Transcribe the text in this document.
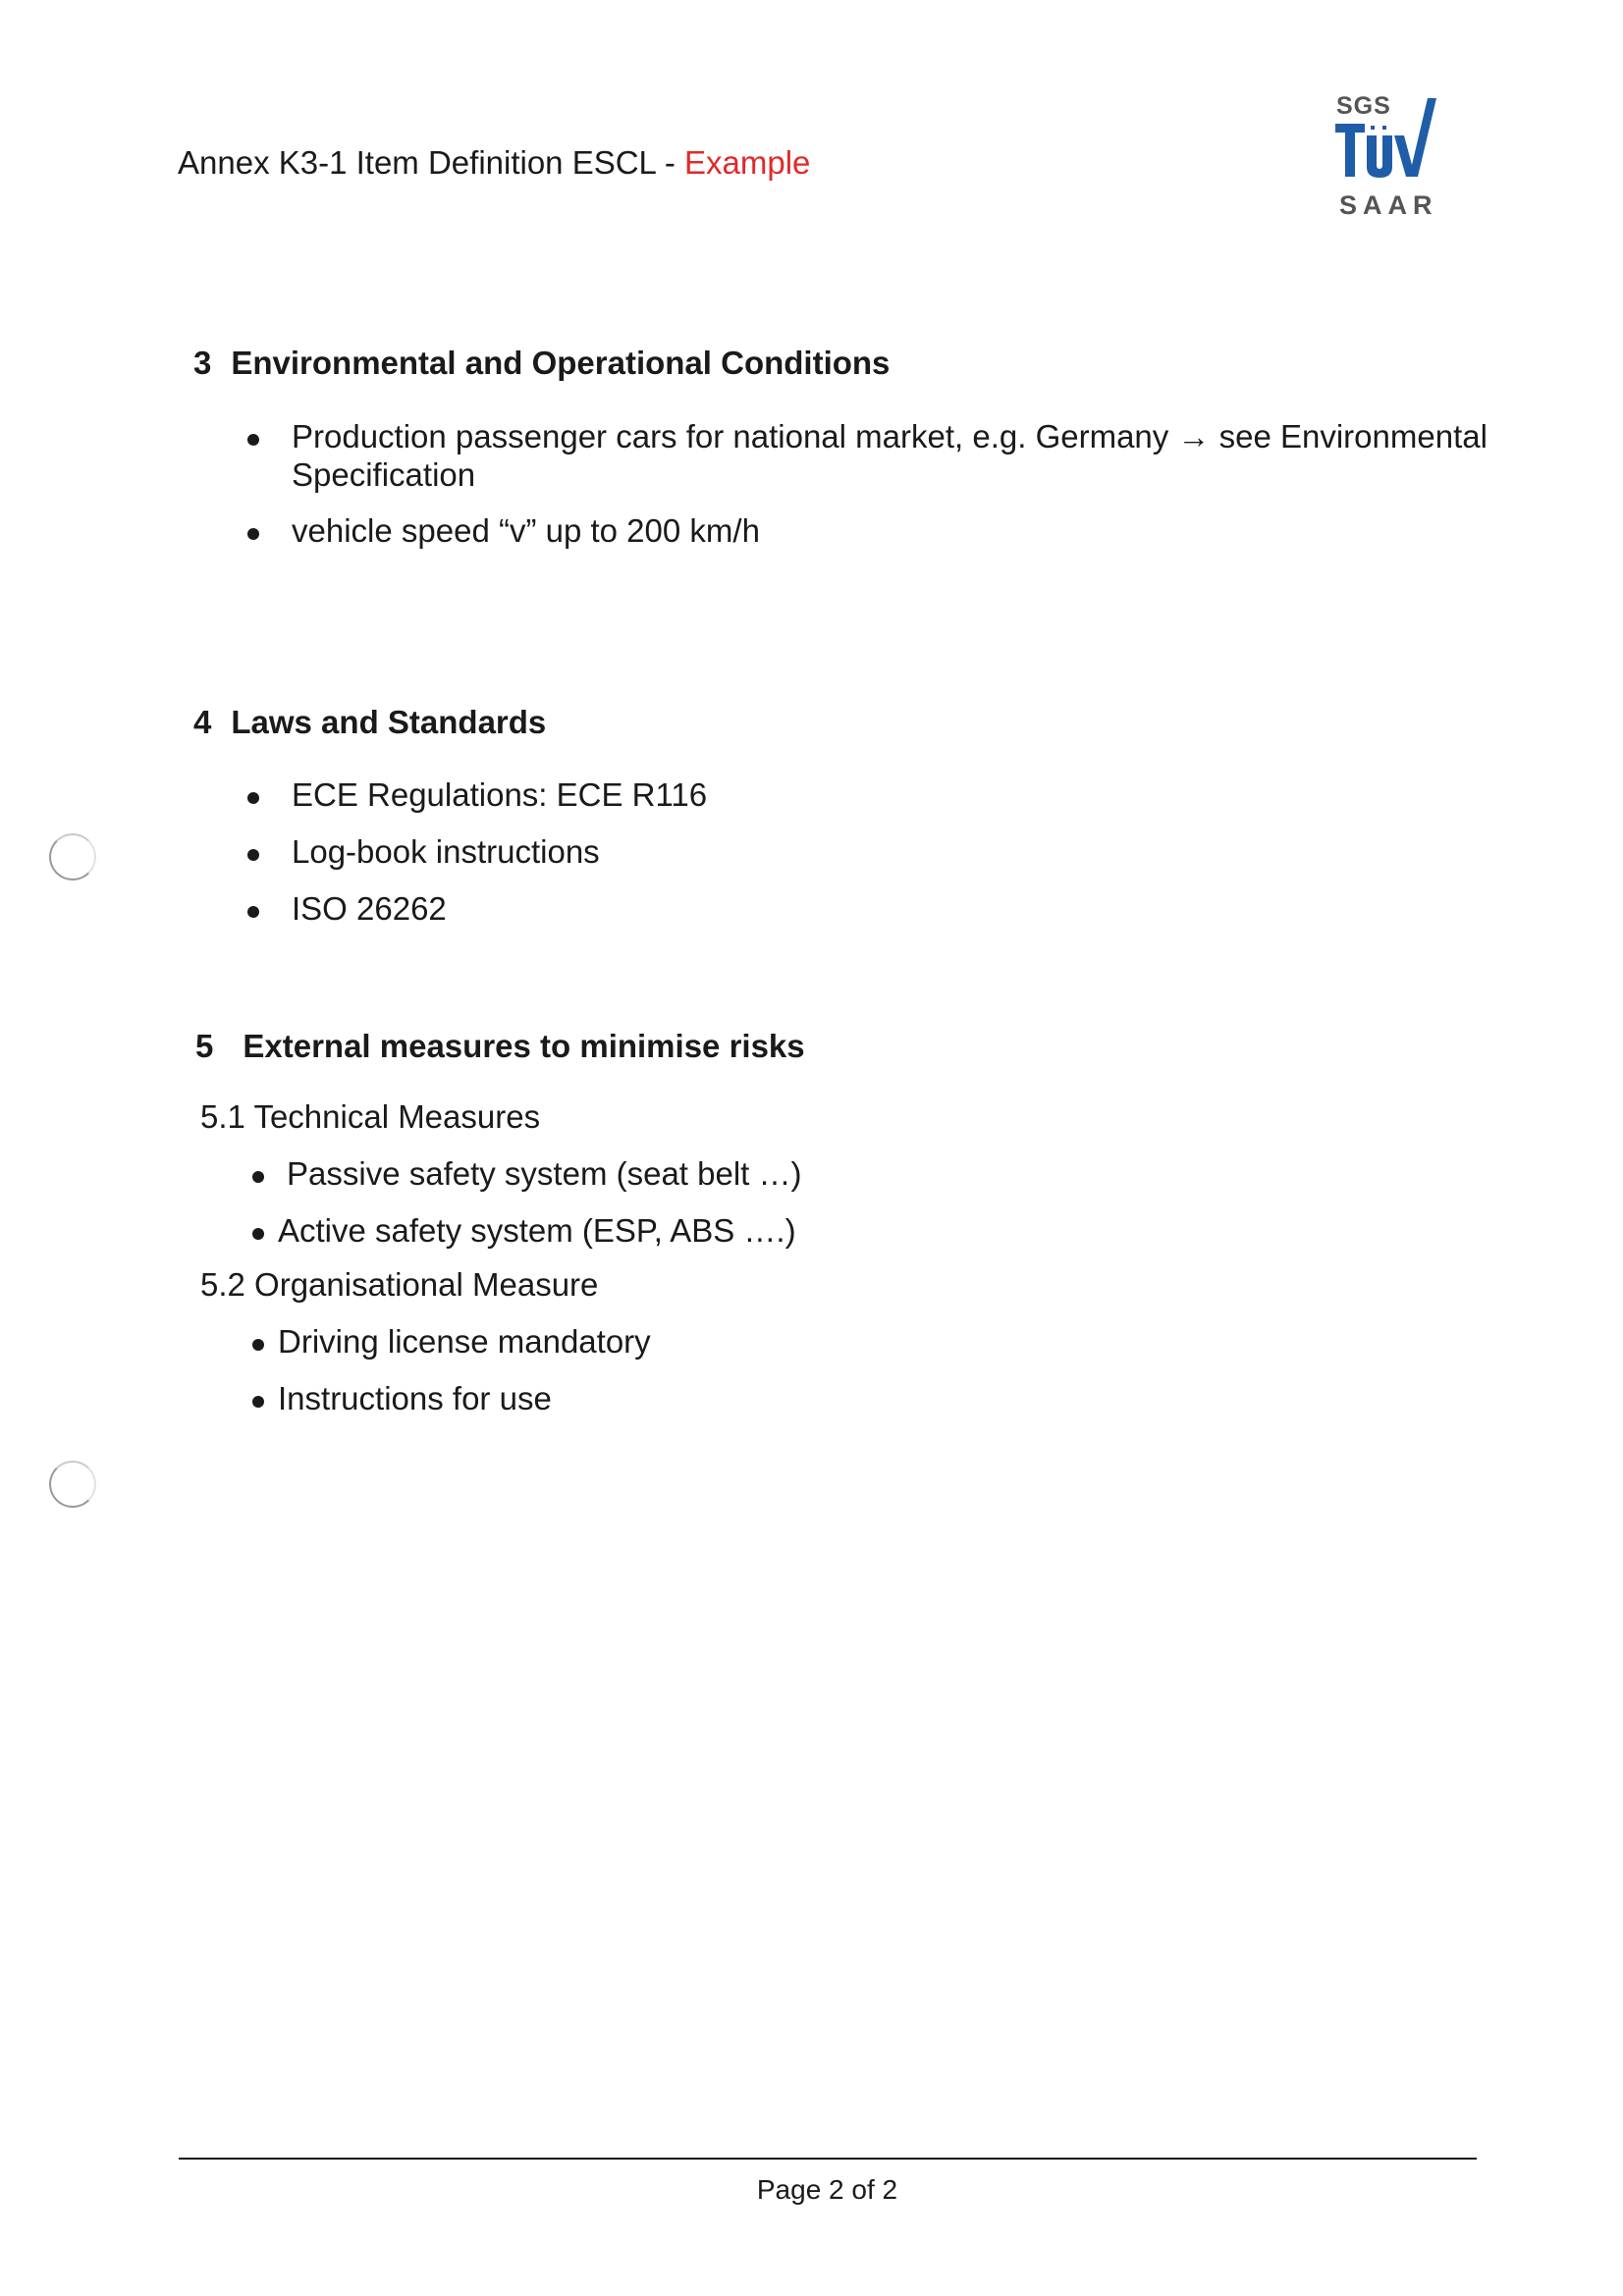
Annex K3-1 Item Definition ESCL - Example
SGS
SAAR
3 Environmental and Operational Conditions
Production passenger cars for national market, e.g. Germany → see Environmental
Specification
vehicle speed “v” up to 200 km/h
4 Laws and Standards
ECE Regulations: ECE R116
Log-book instructions
ISO 26262
5 External measures to minimise risks
5.1 Technical Measures
Passive safety system (seat belt …)
Active safety system (ESP, ABS ….)
5.2 Organisational Measure
Driving license mandatory
Instructions for use
Page 2 of 2
